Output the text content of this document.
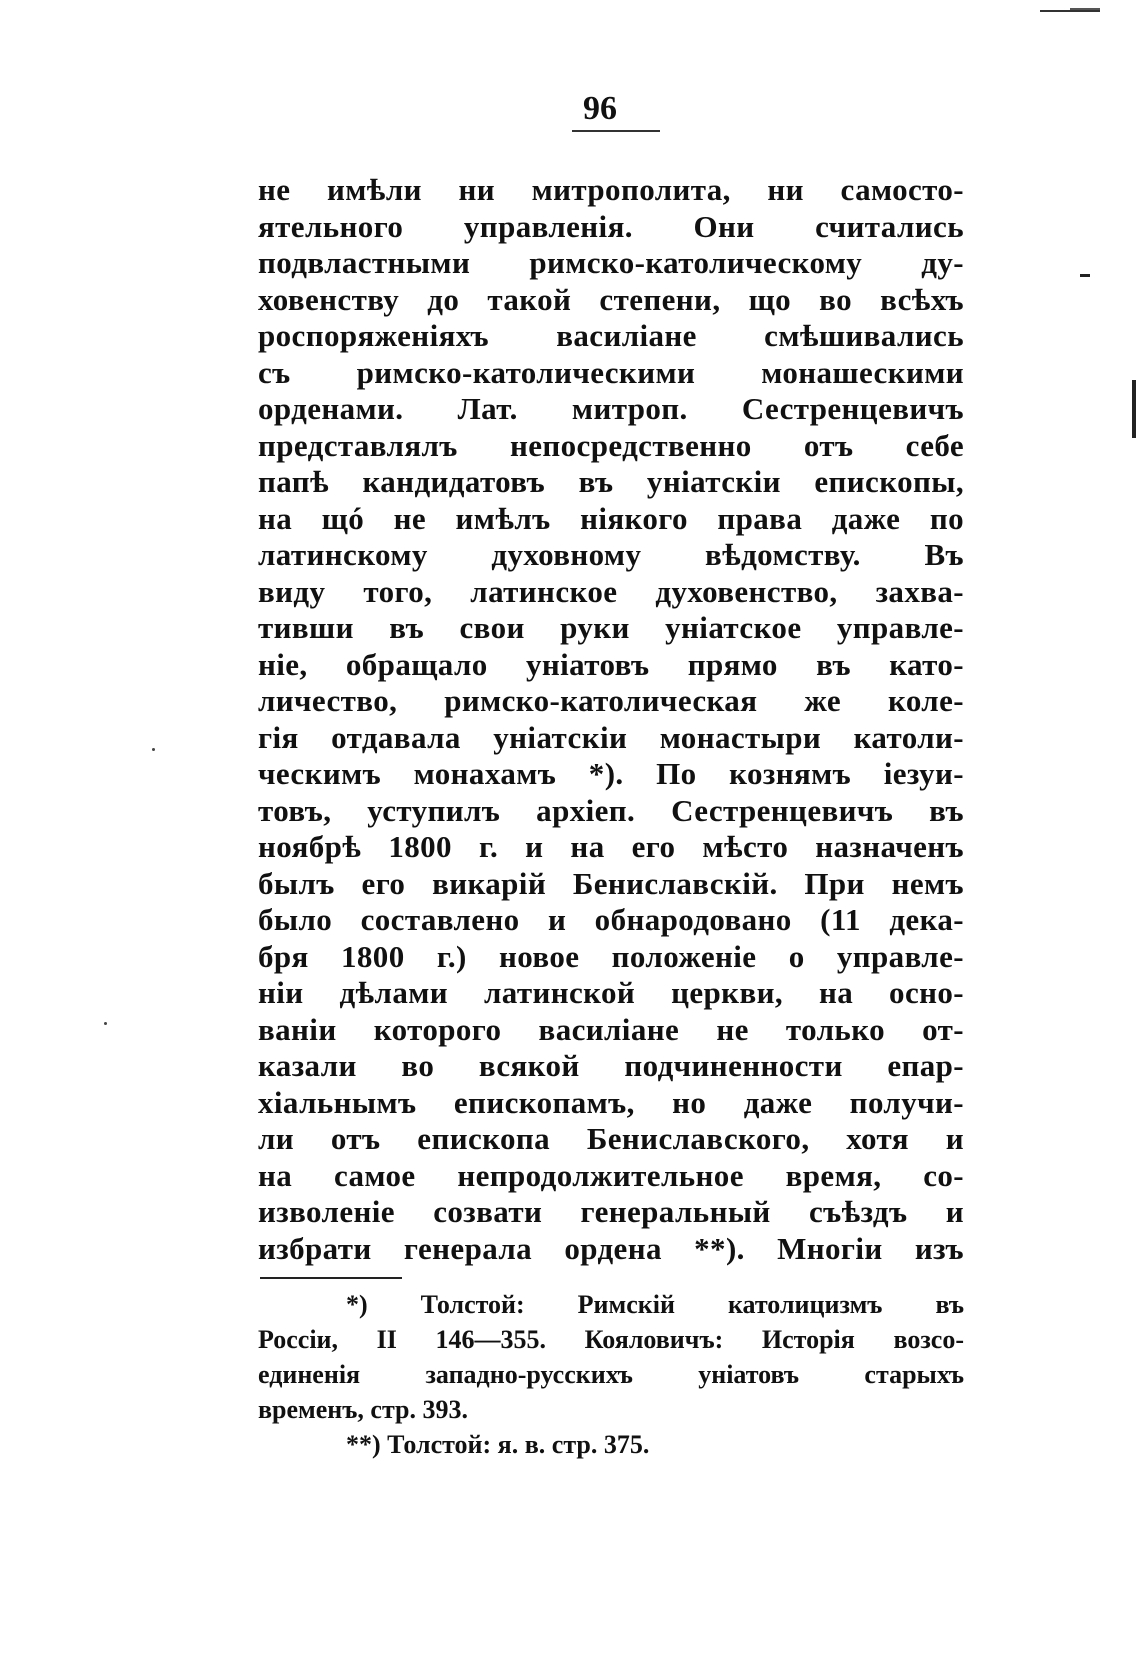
96
не имѣли ни митрополита, ни самосто-
ятельного управленія. Они считались
подвластными римско-католическому ду-
ховенству до такой степени, що во всѣхъ
роспоряженіяхъ василіане смѣшивались
съ римско-католическими монашескими
орденами. Лат. митроп. Сестренцевичъ
представлялъ непосредственно отъ себе
папѣ кандидатовъ въ уніатскіи епископы,
на щó не имѣлъ ніякого права даже по
латинскому духовному вѣдомству. Въ
виду того, латинское духовенство, захва-
тивши въ свои руки уніатское управле-
ніе, обращало уніатовъ прямо въ като-
личество, римско-католическая же коле-
гія отдавала уніатскіи монастыри католи-
ческимъ монахамъ *). По кознямъ іезуи-
товъ, уступилъ архіеп. Сестренцевичъ въ
ноябрѣ 1800 г. и на его мѣсто назначенъ
былъ его викарій Бениславскій. При немъ
было составлено и обнародовано (11 дека-
бря 1800 г.) новое положеніе о управле-
ніи дѣлами латинской церкви, на осно-
ваніи которого василіане не только от-
казали во всякой подчиненности епар-
хіальнымъ епископамъ, но даже получи-
ли отъ епископа Бениславского, хотя и
на самое непродолжительное время, со-
изволеніе созвати генеральный съѣздъ и
избрати генерала ордена **). Многіи изъ
*) Толстой: Римскій католицизмъ въ
Россіи, II 146—355. Кояловичъ: Исторія возсо-
единенія западно-русскихъ уніатовъ старыхъ
временъ, стр. 393.
**) Толстой: я. в. стр. 375.
